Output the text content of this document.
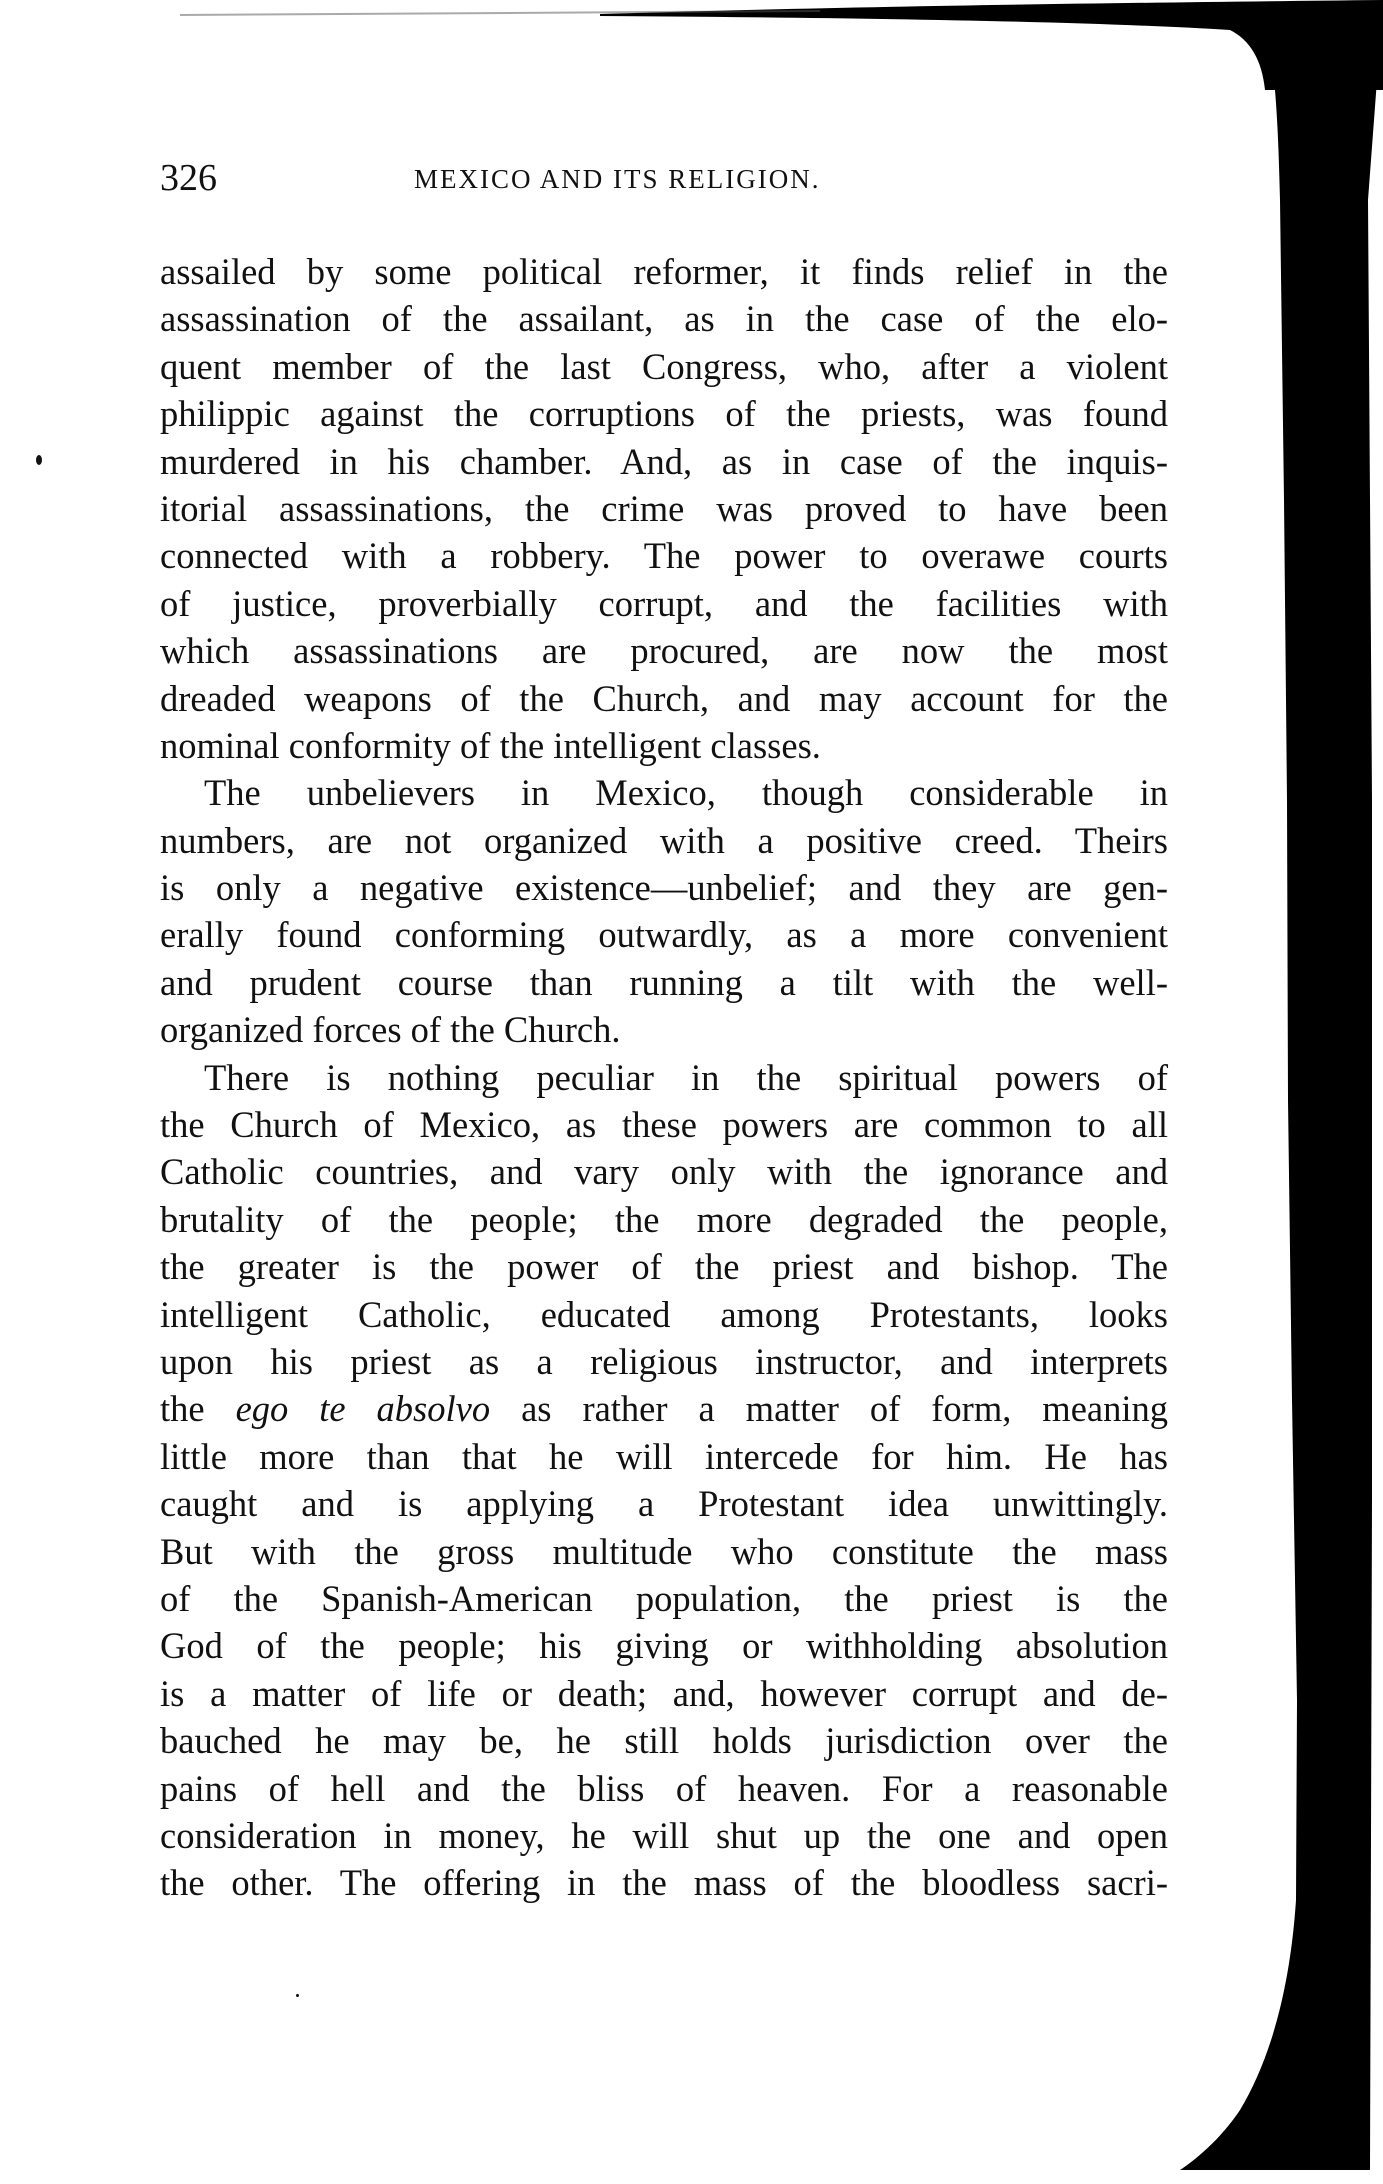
326	MEXICO AND ITS RELIGION.
assailed by some political reformer, it finds relief in the
assassination of the assailant, as in the case of the elo-
quent member of the last Congress, who, after a violent
philippic against the corruptions of the priests, was found
murdered in his chamber. And, as in case of the inquis-
itorial assassinations, the crime was proved to have been
connected with a robbery. The power to overawe courts
of justice, proverbially corrupt, and the facilities with
which assassinations are procured, are now the most
dreaded weapons of the Church, and may account for the
nominal conformity of the intelligent classes.
The unbelievers in Mexico, though considerable in
numbers, are not organized with a positive creed. Theirs
is only a negative existence—unbelief; and they are gen-
erally found conforming outwardly, as a more convenient
and prudent course than running a tilt with the well-
organized forces of the Church.
There is nothing peculiar in the spiritual powers of
the Church of Mexico, as these powers are common to all
Catholic countries, and vary only with the ignorance and
brutality of the people; the more degraded the people,
the greater is the power of the priest and bishop. The
intelligent Catholic, educated among Protestants, looks
upon his priest as a religious instructor, and interprets
the ego te absolvo as rather a matter of form, meaning
little more than that he will intercede for him. He has
caught and is applying a Protestant idea unwittingly.
But with the gross multitude who constitute the mass
of the Spanish-American population, the priest is the
God of the people; his giving or withholding absolution
is a matter of life or death; and, however corrupt and de-
bauched he may be, he still holds jurisdiction over the
pains of hell and the bliss of heaven. For a reasonable
consideration in money, he will shut up the one and open
the other. The offering in the mass of the bloodless sacri-
